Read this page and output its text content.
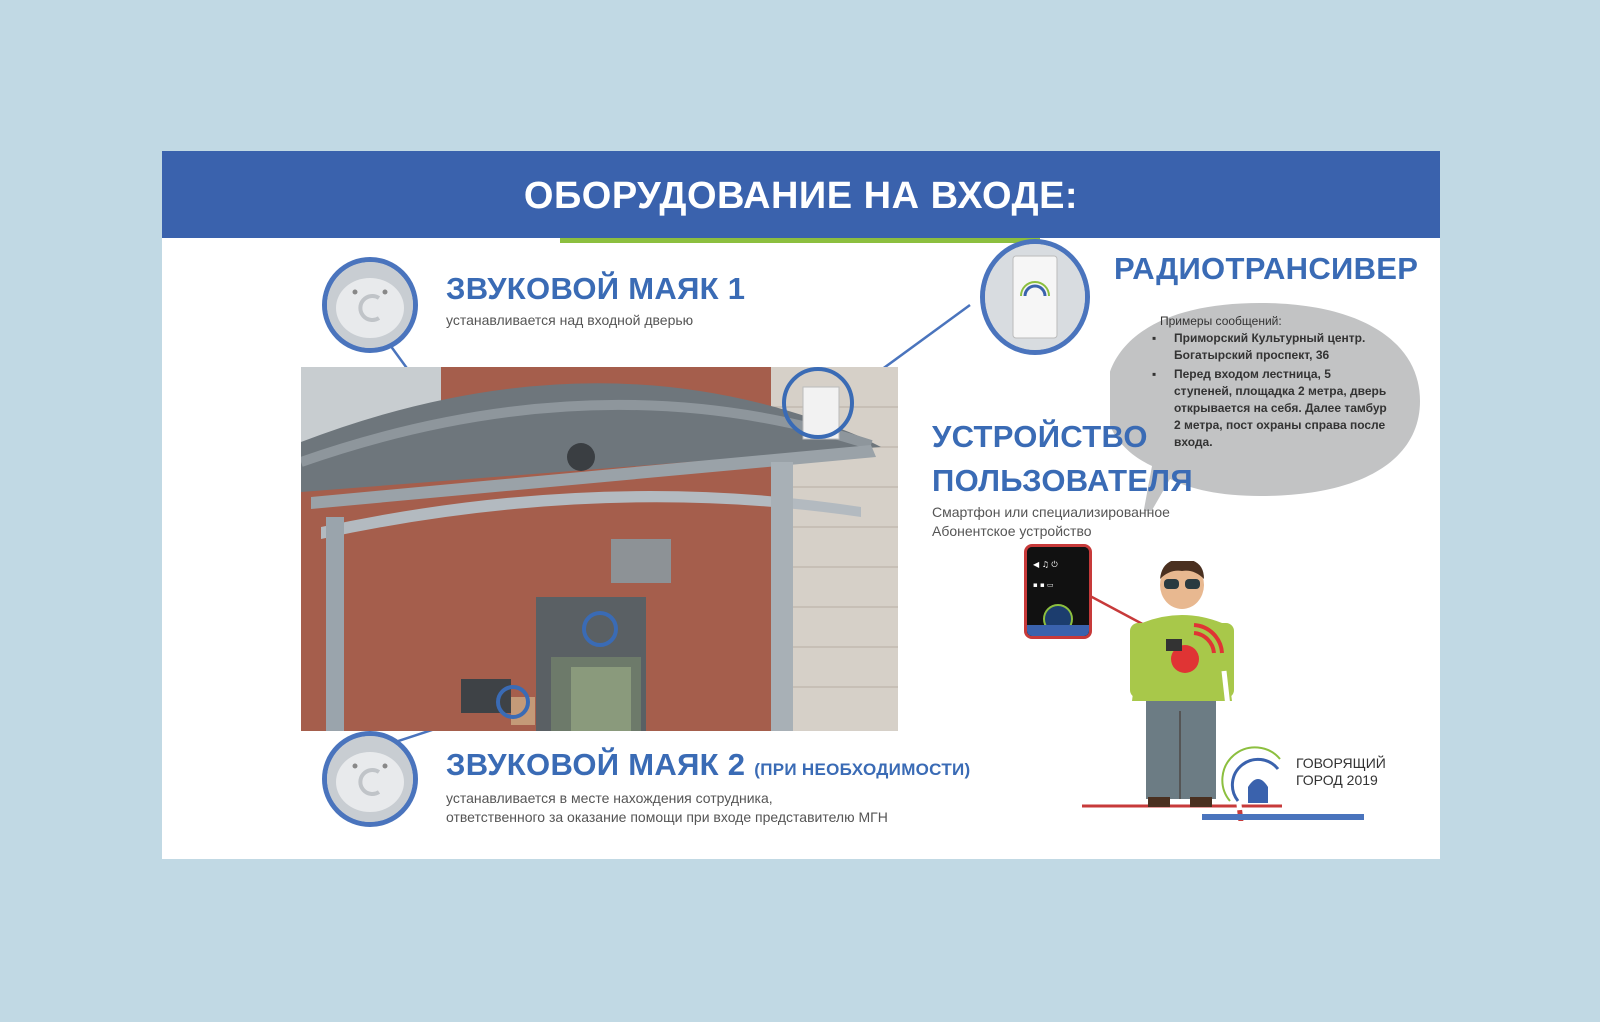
ОБОРУДОВАНИЕ НА ВХОДЕ:
ЗВУКОВОЙ МАЯК 1
устанавливается над входной дверью
ЗВУКОВОЙ МАЯК 2 (ПРИ НЕОБХОДИМОСТИ)
устанавливается в месте нахождения сотрудника,
ответственного за оказание помощи при входе представителю МГН
РАДИОТРАНСИВЕР
Примеры сообщений:
▪	Приморский Культурный центр. Богатырский проспект, 36
▪	Перед входом лестница, 5 ступеней, площадка 2 метра, дверь открывается на себя. Далее тамбур 2 метра, пост охраны справа после входа.
УСТРОЙСТВО
ПОЛЬЗОВАТЕЛЯ
Смартфон или специализированное
Абонентское устройство
◀ ♫ ⏻
▪ ▪ ▭
ГОВОРЯЩИЙ
ГОРОД 2019
